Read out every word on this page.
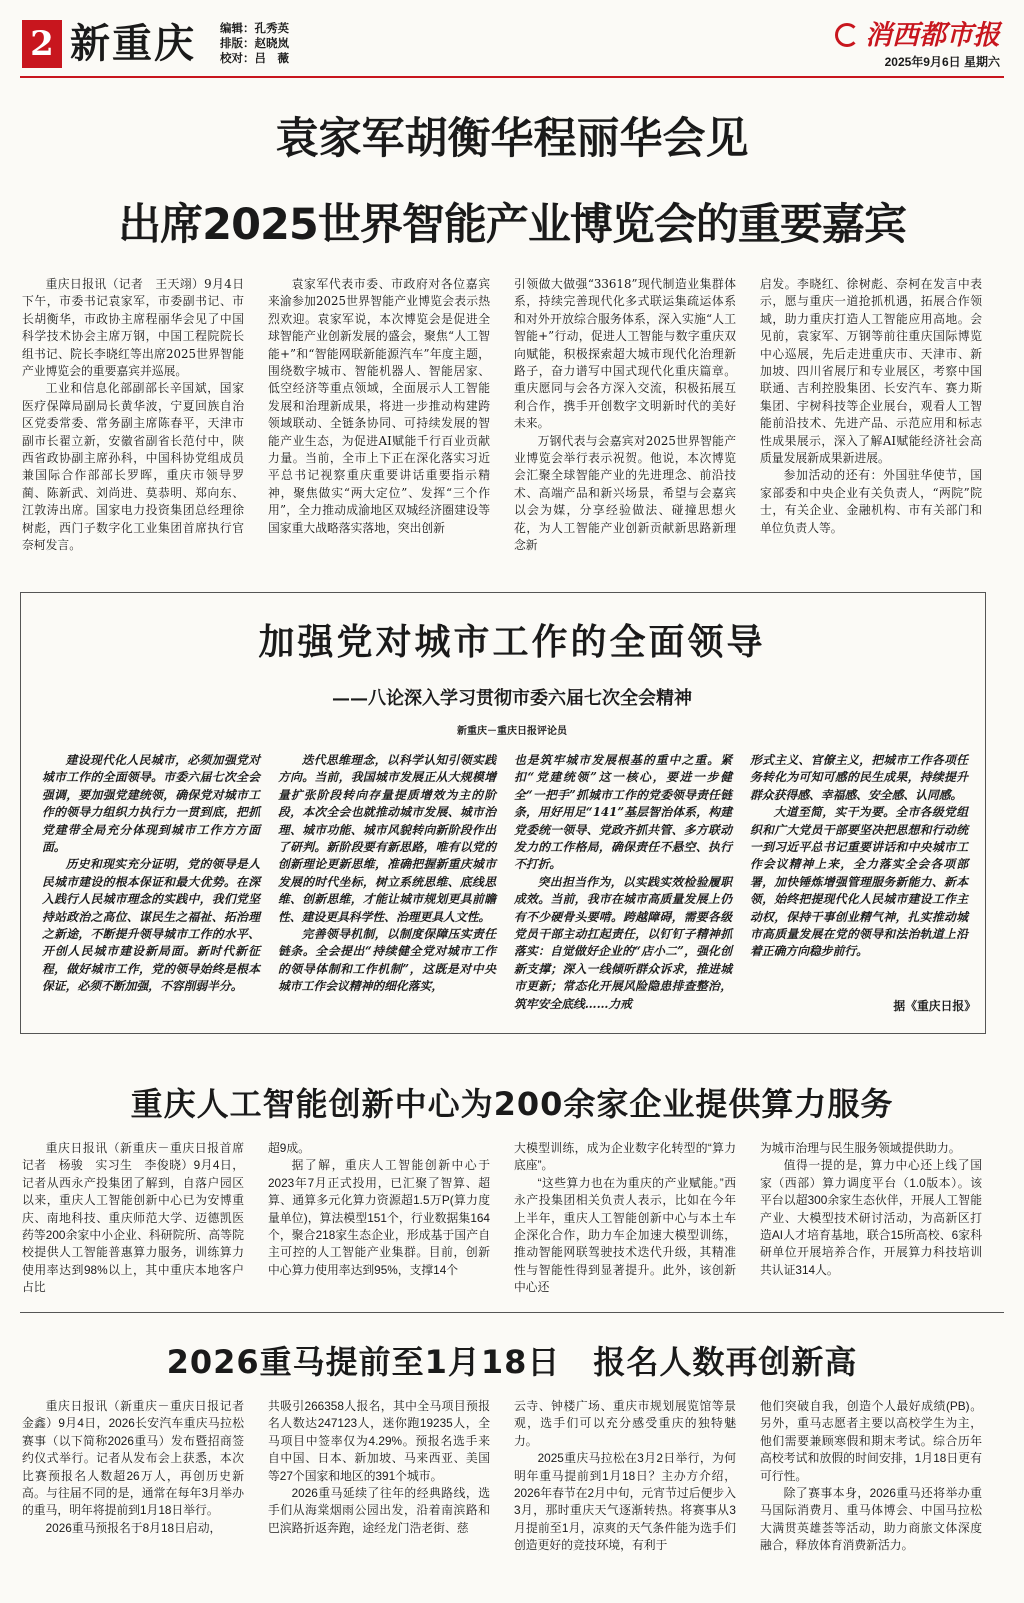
2 新重庆 编辑：孔秀英
排版：赵晓岚
校对：吕　薇
消西都市报
2025年9月6日 星期六
袁家军胡衡华程丽华会见
出席2025世界智能产业博览会的重要嘉宾

重庆日报讯（记者　王天翊）9月4日下午，市委书记袁家军，市委副书记、市长胡衡华，市政协主席程丽华会见了中国科学技术协会主席万钢，中国工程院院长组书记、院长李晓红等出席2025世界智能产业博览会的重要嘉宾并巡展。

工业和信息化部副部长辛国斌，国家医疗保障局副局长黄华波，宁夏回族自治区党委常委、常务副主席陈春平，天津市副市长翟立新，安徽省副省长范付中，陕西省政协副主席孙科，中国科协党组成员兼国际合作部部长罗晖，重庆市领导罗蔺、陈新武、刘尚进、莫恭明、郑向东、江敦涛出席。国家电力投资集团总经理徐树彪，西门子数字化工业集团首席执行官奈柯发言。

袁家军代表市委、市政府对各位嘉宾来渝参加2025世界智能产业博览会表示热烈欢迎。袁家军说，本次博览会是促进全球智能产业创新发展的盛会，聚焦“人工智能+”和“智能网联新能源汽车”年度主题，围绕数字城市、智能机器人、智能居家、低空经济等重点领域，全面展示人工智能发展和治理新成果，将进一步推动构建跨领域联动、全链条协同、可持续发展的智能产业生态，为促进AI赋能千行百业贡献力量。当前，全市上下正在深化落实习近平总书记视察重庆重要讲话重要指示精神，聚焦做实“两大定位”、发挥“三个作用”，全力推动成渝地区双城经济圈建设等国家重大战略落实落地，突出创新

引领做大做强“33618”现代制造业集群体系，持续完善现代化多式联运集疏运体系和对外开放综合服务体系，深入实施“人工智能+”行动，促进人工智能与数字重庆双向赋能，积极探索超大城市现代化治理新路子，奋力谱写中国式现代化重庆篇章。重庆愿同与会各方深入交流，积极拓展互利合作，携手开创数字文明新时代的美好未来。

万钢代表与会嘉宾对2025世界智能产业博览会举行表示祝贺。他说，本次博览会汇聚全球智能产业的先进理念、前沿技术、高端产品和新兴场景，希望与会嘉宾以会为媒，分享经验做法、碰撞思想火花，为人工智能产业创新贡献新思路新理念新

启发。李晓红、徐树彪、奈柯在发言中表示，愿与重庆一道抢抓机遇，拓展合作领域，助力重庆打造人工智能应用高地。会见前，袁家军、万钢等前往重庆国际博览中心巡展，先后走进重庆市、天津市、新加坡、四川省展厅和专业展区，考察中国联通、吉利控股集团、长安汽车、赛力斯集团、宇树科技等企业展台，观看人工智能前沿技术、先进产品、示范应用和标志性成果展示，深入了解AI赋能经济社会高质量发展新成果新进展。

参加活动的还有：外国驻华使节，国家部委和中央企业有关负责人，“两院”院士，有关企业、金融机构、市有关部门和单位负责人等。

加强党对城市工作的全面领导
——八论深入学习贯彻市委六届七次全会精神
新重庆－重庆日报评论员

建设现代化人民城市，必须加强党对城市工作的全面领导。市委六届七次全会强调，要加强党建统领，确保党对城市工作的领导力组织力执行力一贯到底，把抓党建带全局充分体现到城市工作方方面面。

历史和现实充分证明，党的领导是人民城市建设的根本保证和最大优势。在深入践行人民城市理念的实践中，我们党坚持站政治之高位、谋民生之福祉、拓治理之新途，不断提升领导城市工作的水平、开创人民城市建设新局面。新时代新征程，做好城市工作，党的领导始终是根本保证，必须不断加强，不容削弱半分。

迭代思维理念，以科学认知引领实践方向。当前，我国城市发展正从大规模增量扩张阶段转向存量提质增效为主的阶段，本次全会也就推动城市发展、城市治理、城市功能、城市风貌转向新阶段作出了研判。新阶段要有新思路，唯有以党的创新理论更新思维，准确把握新重庆城市发展的时代坐标，树立系统思维、底线思维、创新思维，才能让城市规划更具前瞻性、建设更具科学性、治理更具人文性。

完善领导机制，以制度保障压实责任链条。全会提出“持续健全党对城市工作的领导体制和工作机制”，这既是对中央城市工作会议精神的细化落实，

也是筑牢城市发展根基的重中之重。紧扣“党建统领”这一核心，要进一步健全“一把手”抓城市工作的党委领导责任链条，用好用足“141”基层智治体系，构建党委统一领导、党政齐抓共管、多方联动发力的工作格局，确保责任不悬空、执行不打折。

突出担当作为，以实践实效检验履职成效。当前，我市在城市高质量发展上仍有不少硬骨头要啃。跨越障碍，需要各级党员干部主动扛起责任，以钉钉子精神抓落实：自觉做好企业的“店小二”，强化创新支撑；深入一线倾听群众诉求，推进城市更新；常态化开展风险隐患排查整治，筑牢安全底线……力戒

形式主义、官僚主义，把城市工作各项任务转化为可知可感的民生成果，持续提升群众获得感、幸福感、安全感、认同感。

大道至简，实干为要。全市各级党组织和广大党员干部要坚决把思想和行动统一到习近平总书记重要讲话和中央城市工作会议精神上来，全力落实全会各项部署，加快锤炼增强管理服务新能力、新本领，始终把提现代化人民城市建设工作主动权，保持干事创业精气神，扎实推动城市高质量发展在党的领导和法治轨道上沿着正确方向稳步前行。

据《重庆日报》
重庆人工智能创新中心为200余家企业提供算力服务

重庆日报讯（新重庆－重庆日报首席记者　杨骏　实习生　李俊晓）9月4日，记者从西永产投集团了解到，自落户园区以来，重庆人工智能创新中心已为安博重庆、南地科技、重庆师范大学、迈德凯医药等200余家中小企业、科研院所、高等院校提供人工智能普惠算力服务，训练算力使用率达到98%以上，其中重庆本地客户占比

超9成。

据了解，重庆人工智能创新中心于2023年7月正式投用，已汇聚了智算、超算、通算多元化算力资源超1.5万P(算力度量单位)，算法模型151个，行业数据集164个，聚合218家生态企业，形成基于国产自主可控的人工智能产业集群。目前，创新中心算力使用率达到95%，支撑14个

大模型训练，成为企业数字化转型的“算力底座”。

“这些算力也在为重庆的产业赋能。”西永产投集团相关负责人表示，比如在今年上半年，重庆人工智能创新中心与本土车企深化合作，助力车企加速大模型训练，推动智能网联驾驶技术迭代升级，其精准性与智能性得到显著提升。此外，该创新中心还

为城市治理与民生服务领域提供助力。

值得一提的是，算力中心还上线了国家（西部）算力调度平台（1.0版本）。该平台以超300余家生态伙伴，开展人工智能产业、大模型技术研讨活动，为高新区打造AI人才培育基地，联合15所高校、6家科研单位开展培养合作，开展算力科技培训共认证314人。

2026重马提前至1月18日　报名人数再创新高

重庆日报讯（新重庆－重庆日报记者　金鑫）9月4日，2026长安汽车重庆马拉松赛事（以下简称2026重马）发布暨招商签约仪式举行。记者从发布会上获悉，本次比赛预报名人数超26万人，再创历史新高。与往届不同的是，通常在每年3月举办的重马，明年将提前到1月18日举行。

2026重马预报名于8月18日启动，

共吸引266358人报名，其中全马项目预报名人数达247123人，迷你跑19235人，全马项目中签率仅为4.29%。预报名选手来自中国、日本、新加坡、马来西亚、美国等27个国家和地区的391个城市。

2026重马延续了往年的经典路线，选手们从海棠烟雨公园出发，沿着南滨路和巴滨路折返奔跑，途经龙门浩老街、慈

云寺、钟楼广场、重庆市规划展览馆等景观，选手们可以充分感受重庆的独特魅力。

2025重庆马拉松在3月2日举行，为何明年重马提前到1月18日？主办方介绍，2026年春节在2月中旬，元宵节过后便步入3月，那时重庆天气逐渐转热。将赛事从3月提前至1月，凉爽的天气条件能为选手们创造更好的竞技环境，有利于

他们突破自我，创造个人最好成绩(PB)。另外，重马志愿者主要以高校学生为主，他们需要兼顾寒假和期末考试。综合历年高校考试和放假的时间安排，1月18日更有可行性。

除了赛事本身，2026重马还将举办重马国际消费月、重马体博会、中国马拉松大满贯英雄荟等活动，助力商旅文体深度融合，释放体育消费新活力。
